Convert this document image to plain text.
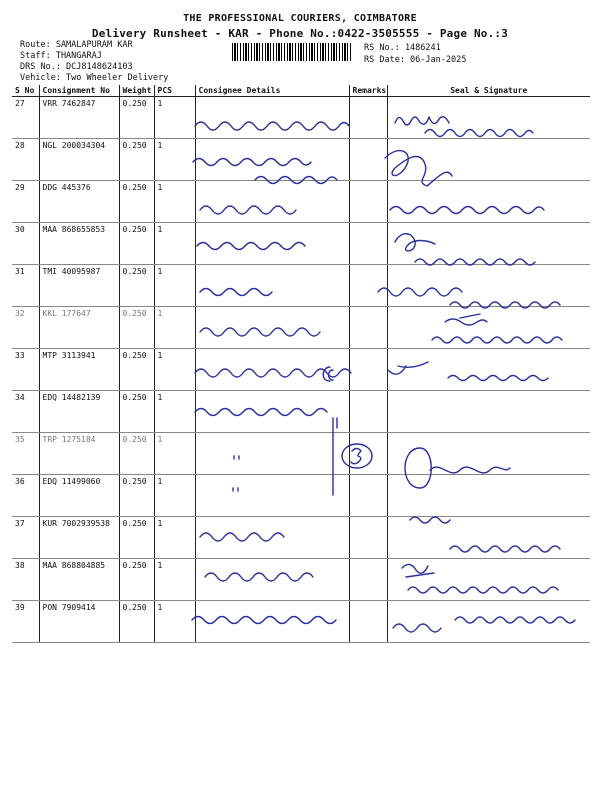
THE PROFESSIONAL COURIERS, COIMBATORE
Delivery Runsheet - KAR - Phone No.:0422-3505555 - Page No.:3
Route: SAMALAPURAM KAR
Staff: THANGARAJ
DRS No.: DCJ8148624103
Vehicle: Two Wheeler Delivery
RS No.: 1486241
RS Date: 06-Jan-2025
S No	Consignment No	Weight	PCS	Consignee Details	Remarks	Seal & Signature
27	VRR 7462847	0.250	1			
28	NGL 200034304	0.250	1			
29	DDG 445376	0.250	1			
30	MAA 868655853	0.250	1			
31	TMI 40095987	0.250	1			
32	KKL 177647	0.250	1			
33	MTP 3113941	0.250	1			
34	EDQ 14482139	0.250	1			
35	TRP 1275184	0.250	1			
36	EDQ 11499060	0.250	1			
37	KUR 7002939538	0.250	1			
38	MAA 868804885	0.250	1			
39	PON 7909414	0.250	1			
